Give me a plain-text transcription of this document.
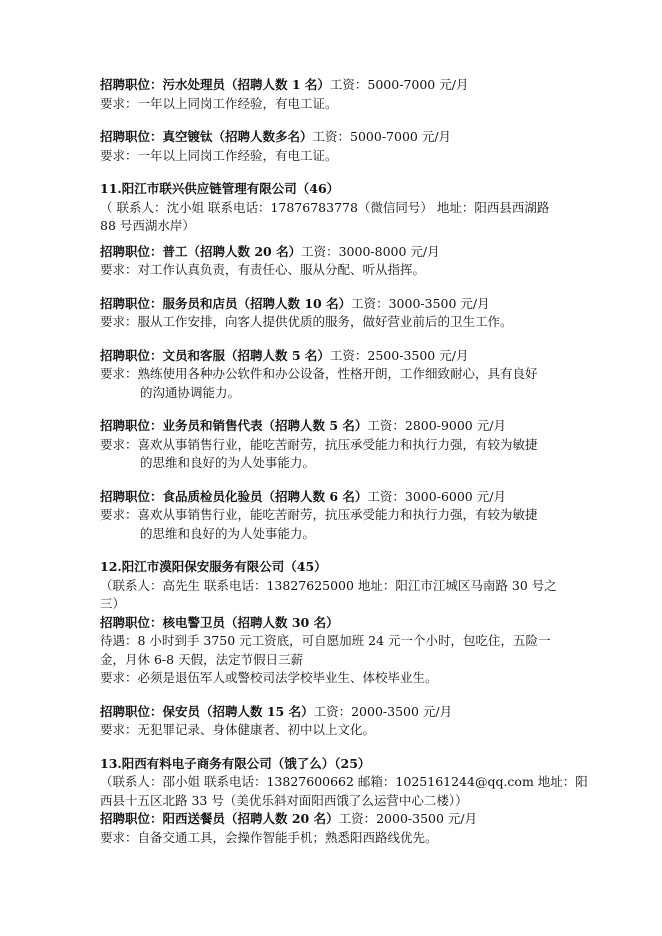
招聘职位：污水处理员（招聘人数 1 名）工资：5000-7000 元/月
要求：一年以上同岗工作经验，有电工证。
招聘职位：真空镀钛（招聘人数多名）工资：5000-7000 元/月
要求：一年以上同岗工作经验，有电工证。
11.阳江市联兴供应链管理有限公司（46）
（ 联系人：沈小姐 联系电话：17876783778（微信同号） 地址：阳西县西湖路
88 号西湖水岸）
招聘职位：普工（招聘人数 20 名）工资：3000-8000 元/月
要求：对工作认真负责，有责任心、服从分配、听从指挥。
招聘职位：服务员和店员（招聘人数 10 名）工资：3000-3500 元/月
要求：服从工作安排，向客人提供优质的服务，做好营业前后的卫生工作。
招聘职位：文员和客服（招聘人数 5 名）工资：2500-3500 元/月
要求：熟练使用各种办公软件和办公设备，性格开朗，工作细致耐心，具有良好
的沟通协调能力。
招聘职位：业务员和销售代表（招聘人数 5 名）工资：2800-9000 元/月
要求：喜欢从事销售行业，能吃苦耐劳，抗压承受能力和执行力强，有较为敏捷
的思维和良好的为人处事能力。
招聘职位：食品质检员化验员（招聘人数 6 名）工资：3000-6000 元/月
要求：喜欢从事销售行业，能吃苦耐劳，抗压承受能力和执行力强，有较为敏捷
的思维和良好的为人处事能力。
12.阳江市漠阳保安服务有限公司（45）
（联系人：高先生 联系电话：13827625000 地址：阳江市江城区马南路 30 号之
三）
招聘职位：核电警卫员（招聘人数 30 名）
待遇：8 小时到手 3750 元工资底，可自愿加班 24 元一个小时，包吃住，五险一
金，月休 6-8 天假，法定节假日三薪
要求：必须是退伍军人或警校司法学校毕业生、体校毕业生。
招聘职位：保安员（招聘人数 15 名）工资：2000-3500 元/月
要求：无犯罪记录、身体健康者、初中以上文化。
13.阳西有料电子商务有限公司（饿了么）（25）
（联系人：邵小姐 联系电话：13827600662 邮箱：1025161244@qq.com 地址：阳
西县十五区北路 33 号（美优乐斜对面阳西饿了么运营中心二楼））
招聘职位：阳西送餐员（招聘人数 20 名）工资：2000-3500 元/月
要求：自备交通工具，会操作智能手机；熟悉阳西路线优先。
